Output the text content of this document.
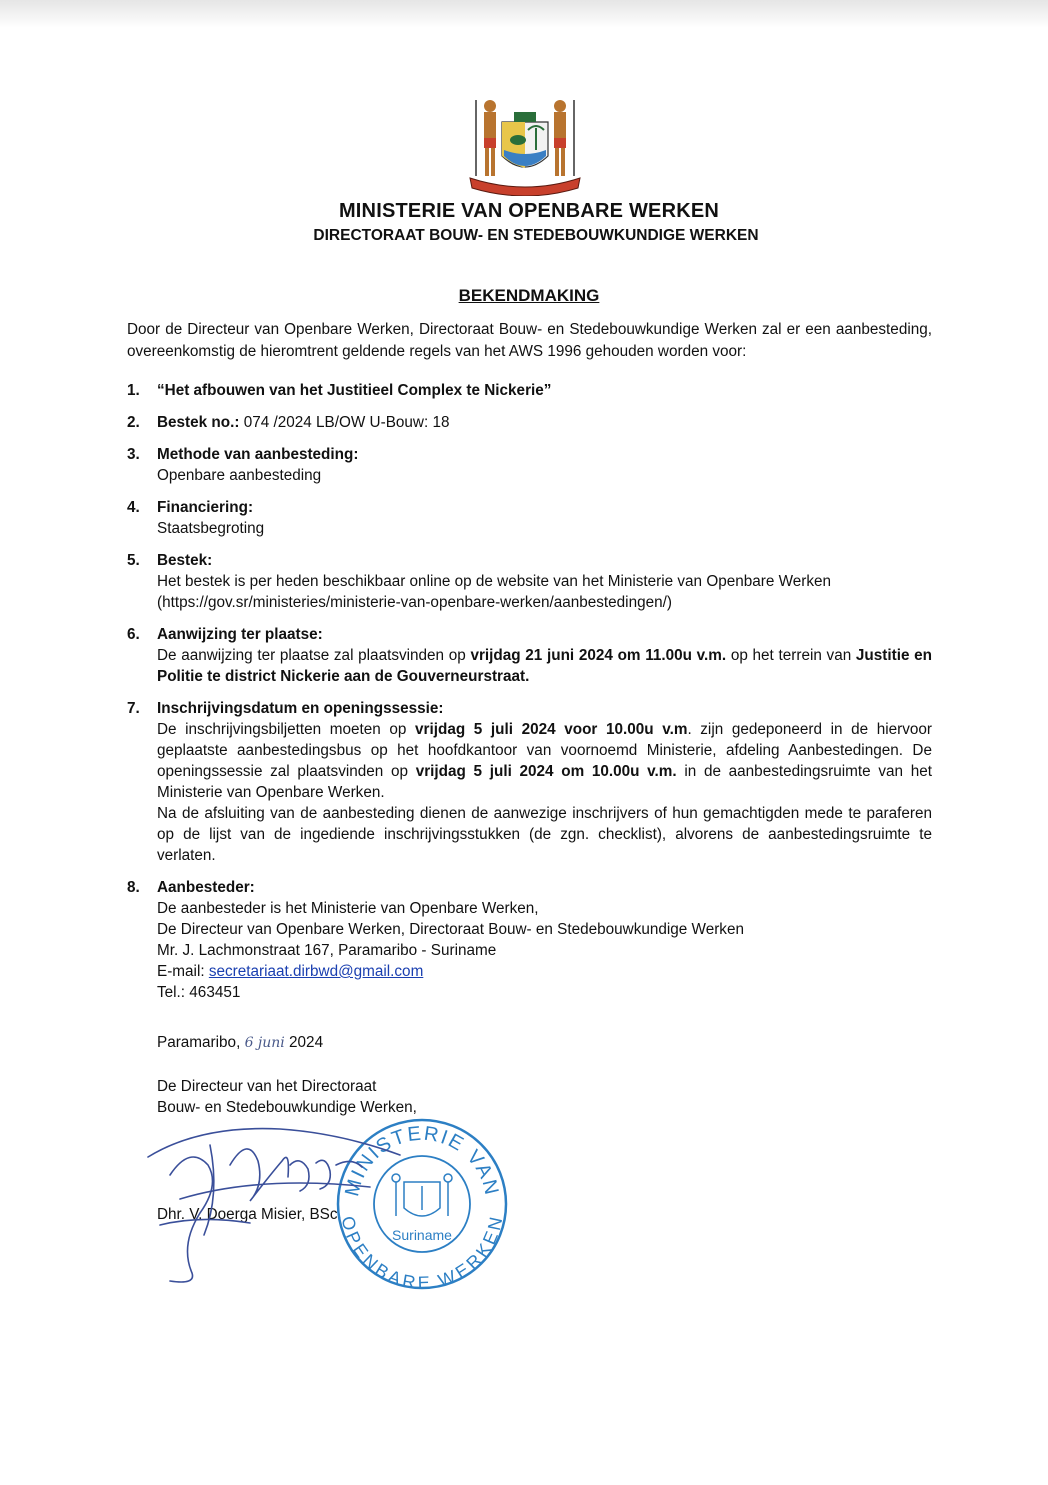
MINISTERIE VAN OPENBARE WERKEN
DIRECTORAAT BOUW- EN STEDEBOUWKUNDIGE WERKEN
BEKENDMAKING
Door de Directeur van Openbare Werken, Directoraat Bouw- en Stedebouwkundige Werken zal er een aanbesteding, overeenkomstig de hieromtrent geldende regels van het AWS 1996 gehouden worden voor:
1. “Het afbouwen van het Justitieel Complex te Nickerie”
2. Bestek no.: 074 /2024 LB/OW U-Bouw: 18
3. Methode van aanbesteding:
Openbare aanbesteding
4. Financiering:
Staatsbegroting
5. Bestek:
Het bestek is per heden beschikbaar online op de website van het Ministerie van Openbare Werken
(https://gov.sr/ministeries/ministerie-van-openbare-werken/aanbestedingen/)
6. Aanwijzing ter plaatse:
De aanwijzing ter plaatse zal plaatsvinden op vrijdag 21 juni 2024 om 11.00u v.m. op het terrein van Justitie en Politie te district Nickerie aan de Gouverneurstraat.
7. Inschrijvingsdatum en openingssessie:
De inschrijvingsbiljetten moeten op vrijdag 5 juli 2024 voor 10.00u v.m. zijn gedeponeerd in de hiervoor geplaatste aanbestedingsbus op het hoofdkantoor van voornoemd Ministerie, afdeling Aanbestedingen. De openingssessie zal plaatsvinden op vrijdag 5 juli 2024 om 10.00u v.m. in de aanbestedingsruimte van het Ministerie van Openbare Werken.
Na de afsluiting van de aanbesteding dienen de aanwezige inschrijvers of hun gemachtigden mede te paraferen op de lijst van de ingediende inschrijvingsstukken (de zgn. checklist), alvorens de aanbestedingsruimte te verlaten.
8. Aanbesteder:
De aanbesteder is het Ministerie van Openbare Werken,
De Directeur van Openbare Werken, Directoraat Bouw- en Stedebouwkundige Werken
Mr. J. Lachmonstraat 167, Paramaribo - Suriname
E-mail: secretariaat.dirbwd@gmail.com
Tel.: 463451
Paramaribo, 6 juni 2024
De Directeur van het Directoraat
Bouw- en Stedebouwkundige Werken,
Dhr. V. Doerga Misier, BSc.
MINISTERIE VAN
OPENBARE WERKEN
Suriname
